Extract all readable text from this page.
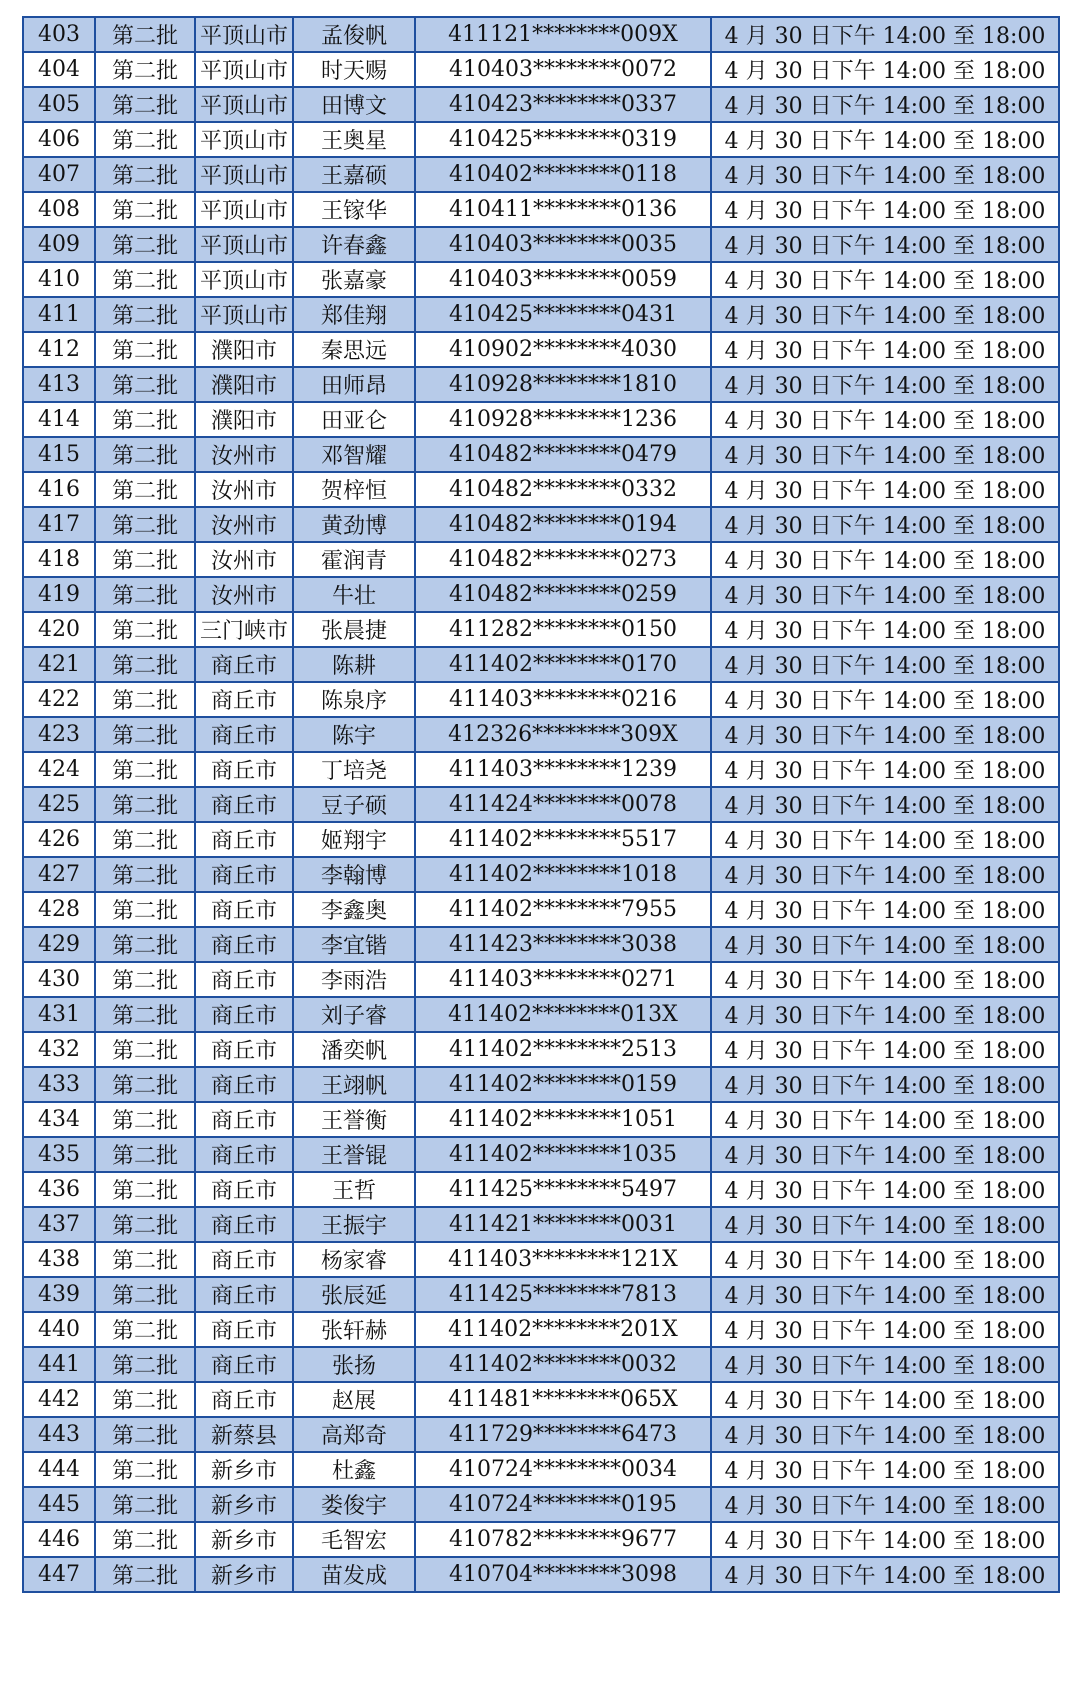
403	第二批	平顶山市	孟俊帆	411121********009X	4 月 30 日下午 14:00 至 18:00
404	第二批	平顶山市	时天赐	410403********0072	4 月 30 日下午 14:00 至 18:00
405	第二批	平顶山市	田博文	410423********0337	4 月 30 日下午 14:00 至 18:00
406	第二批	平顶山市	王奥星	410425********0319	4 月 30 日下午 14:00 至 18:00
407	第二批	平顶山市	王嘉硕	410402********0118	4 月 30 日下午 14:00 至 18:00
408	第二批	平顶山市	王镓华	410411********0136	4 月 30 日下午 14:00 至 18:00
409	第二批	平顶山市	许春鑫	410403********0035	4 月 30 日下午 14:00 至 18:00
410	第二批	平顶山市	张嘉豪	410403********0059	4 月 30 日下午 14:00 至 18:00
411	第二批	平顶山市	郑佳翔	410425********0431	4 月 30 日下午 14:00 至 18:00
412	第二批	濮阳市	秦思远	410902********4030	4 月 30 日下午 14:00 至 18:00
413	第二批	濮阳市	田师昂	410928********1810	4 月 30 日下午 14:00 至 18:00
414	第二批	濮阳市	田亚仑	410928********1236	4 月 30 日下午 14:00 至 18:00
415	第二批	汝州市	邓智耀	410482********0479	4 月 30 日下午 14:00 至 18:00
416	第二批	汝州市	贺梓恒	410482********0332	4 月 30 日下午 14:00 至 18:00
417	第二批	汝州市	黄劲博	410482********0194	4 月 30 日下午 14:00 至 18:00
418	第二批	汝州市	霍润青	410482********0273	4 月 30 日下午 14:00 至 18:00
419	第二批	汝州市	牛壮	410482********0259	4 月 30 日下午 14:00 至 18:00
420	第二批	三门峡市	张晨捷	411282********0150	4 月 30 日下午 14:00 至 18:00
421	第二批	商丘市	陈耕	411402********0170	4 月 30 日下午 14:00 至 18:00
422	第二批	商丘市	陈泉序	411403********0216	4 月 30 日下午 14:00 至 18:00
423	第二批	商丘市	陈宇	412326********309X	4 月 30 日下午 14:00 至 18:00
424	第二批	商丘市	丁培尧	411403********1239	4 月 30 日下午 14:00 至 18:00
425	第二批	商丘市	豆子硕	411424********0078	4 月 30 日下午 14:00 至 18:00
426	第二批	商丘市	姬翔宇	411402********5517	4 月 30 日下午 14:00 至 18:00
427	第二批	商丘市	李翰博	411402********1018	4 月 30 日下午 14:00 至 18:00
428	第二批	商丘市	李鑫奥	411402********7955	4 月 30 日下午 14:00 至 18:00
429	第二批	商丘市	李宜锴	411423********3038	4 月 30 日下午 14:00 至 18:00
430	第二批	商丘市	李雨浩	411403********0271	4 月 30 日下午 14:00 至 18:00
431	第二批	商丘市	刘子睿	411402********013X	4 月 30 日下午 14:00 至 18:00
432	第二批	商丘市	潘奕帆	411402********2513	4 月 30 日下午 14:00 至 18:00
433	第二批	商丘市	王翊帆	411402********0159	4 月 30 日下午 14:00 至 18:00
434	第二批	商丘市	王誉衡	411402********1051	4 月 30 日下午 14:00 至 18:00
435	第二批	商丘市	王誉锟	411402********1035	4 月 30 日下午 14:00 至 18:00
436	第二批	商丘市	王哲	411425********5497	4 月 30 日下午 14:00 至 18:00
437	第二批	商丘市	王振宇	411421********0031	4 月 30 日下午 14:00 至 18:00
438	第二批	商丘市	杨家睿	411403********121X	4 月 30 日下午 14:00 至 18:00
439	第二批	商丘市	张辰延	411425********7813	4 月 30 日下午 14:00 至 18:00
440	第二批	商丘市	张轩赫	411402********201X	4 月 30 日下午 14:00 至 18:00
441	第二批	商丘市	张扬	411402********0032	4 月 30 日下午 14:00 至 18:00
442	第二批	商丘市	赵展	411481********065X	4 月 30 日下午 14:00 至 18:00
443	第二批	新蔡县	高郑奇	411729********6473	4 月 30 日下午 14:00 至 18:00
444	第二批	新乡市	杜鑫	410724********0034	4 月 30 日下午 14:00 至 18:00
445	第二批	新乡市	娄俊宇	410724********0195	4 月 30 日下午 14:00 至 18:00
446	第二批	新乡市	毛智宏	410782********9677	4 月 30 日下午 14:00 至 18:00
447	第二批	新乡市	苗发成	410704********3098	4 月 30 日下午 14:00 至 18:00
